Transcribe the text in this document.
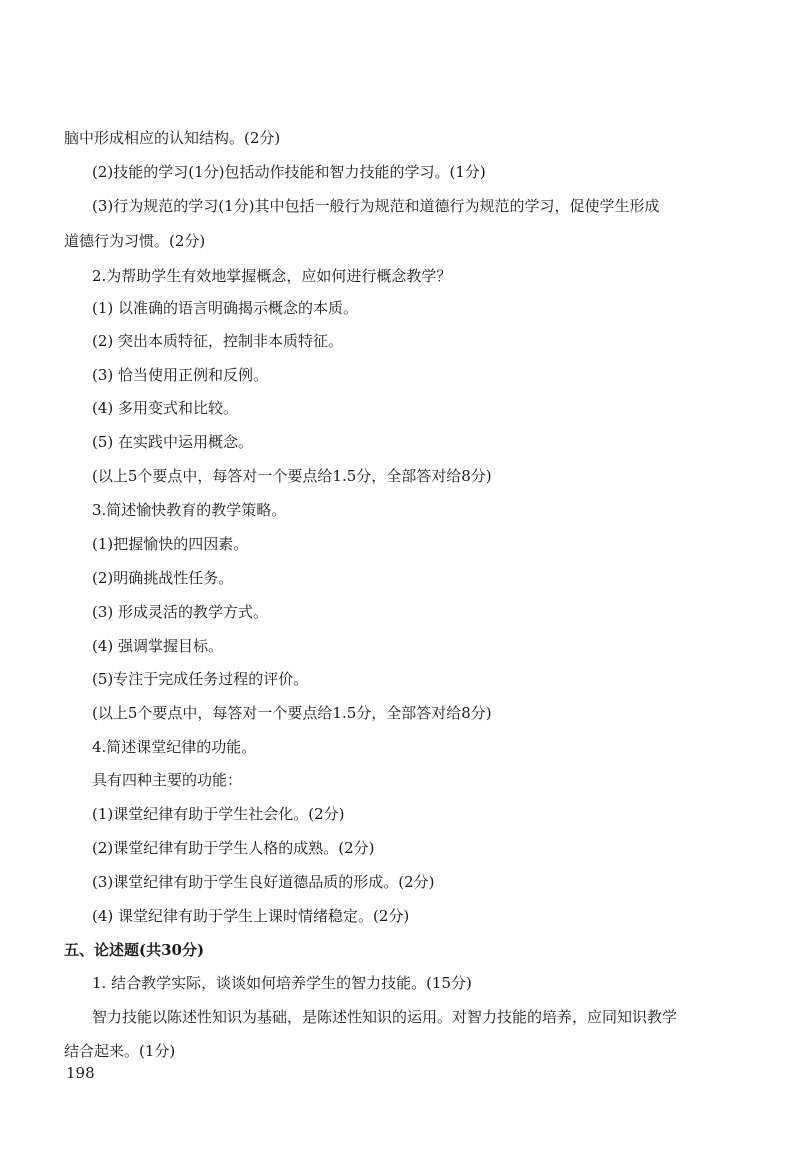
脑中形成相应的认知结构。(2分)
(2)技能的学习(1分)包括动作技能和智力技能的学习。(1分)
(3)行为规范的学习(1分)其中包括一般行为规范和道德行为规范的学习，促使学生形成
道德行为习惯。(2分)
2.为帮助学生有效地掌握概念，应如何进行概念教学？
(1) 以准确的语言明确揭示概念的本质。
(2) 突出本质特征，控制非本质特征。
(3) 恰当使用正例和反例。
(4) 多用变式和比较。
(5) 在实践中运用概念。
(以上5个要点中，每答对一个要点给1.5分，全部答对给8分)
3.简述愉快教育的教学策略。
(1)把握愉快的四因素。
(2)明确挑战性任务。
(3) 形成灵活的教学方式。
(4) 强调掌握目标。
(5)专注于完成任务过程的评价。
(以上5个要点中，每答对一个要点给1.5分，全部答对给8分)
4.简述课堂纪律的功能。
具有四种主要的功能：
(1)课堂纪律有助于学生社会化。(2分)
(2)课堂纪律有助于学生人格的成熟。(2分)
(3)课堂纪律有助于学生良好道德品质的形成。(2分)
(4) 课堂纪律有助于学生上课时情绪稳定。(2分)
五、论述题(共30分)
1. 结合教学实际，谈谈如何培养学生的智力技能。(15分)
智力技能以陈述性知识为基础，是陈述性知识的运用。对智力技能的培养，应同知识教学
结合起来。(1分)
198
